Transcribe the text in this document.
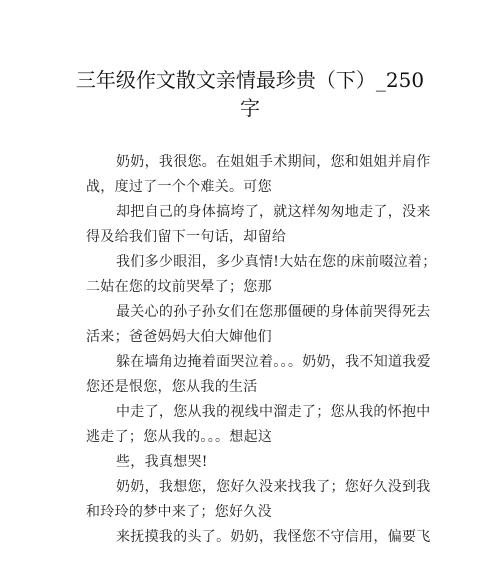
三年级作文散文亲情最珍贵（下）_250
字
奶奶，我很您。在姐姐手术期间，您和姐姐并肩作
战，度过了一个个难关。可您
却把自己的身体搞垮了，就这样匆匆地走了，没来
得及给我们留下一句话，却留给
我们多少眼泪，多少真情!大姑在您的床前啜泣着；
二姑在您的坟前哭晕了；您那
最关心的孙子孙女们在您那僵硬的身体前哭得死去
活来；爸爸妈妈大伯大婶他们
躲在墙角边掩着面哭泣着。。。奶奶，我不知道我爱
您还是恨您，您从我的生活
中走了，您从我的视线中溜走了；您从我的怀抱中
逃走了；您从我的。。。想起这
些，我真想哭!
奶奶，我想您，您好久没来找我了；您好久没到我
和玲玲的梦中来了；您好久没
来抚摸我的头了。奶奶，我怪您不守信用，偏要飞
